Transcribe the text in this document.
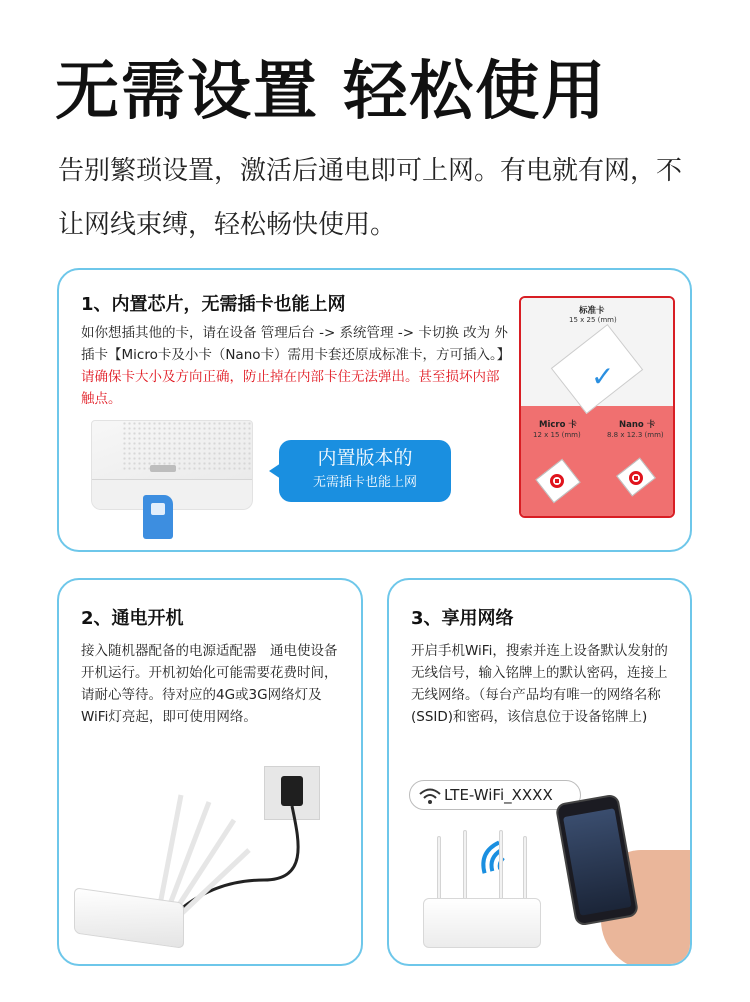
无需设置 轻松使用
告别繁琐设置，激活后通电即可上网。有电就有网，不让网线束缚，轻松畅快使用。
1、内置芯片，无需插卡也能上网
如你想插其他的卡，请在设备 管理后台 -> 系统管理 -> 卡切换 改为 外插卡【Micro卡及小卡（Nano卡）需用卡套还原成标准卡，方可插入。】请确保卡大小及方向正确，防止掉在内部卡住无法弹出。甚至损坏内部触点。
内置版本的
无需插卡也能上网
标准卡
15 x 25 (mm)
✓
Micro 卡
12 x 15 (mm)
Nano 卡
8.8 x 12.3 (mm)
2、通电开机
接入随机器配备的电源适配器　通电使设备开机运行。开机初始化可能需要花费时间，请耐心等待。待对应的4G或3G网络灯及WiFi灯亮起，即可使用网络。
3、享用网络
开启手机WiFi，搜索并连上设备默认发射的无线信号，输入铭牌上的默认密码，连接上无线网络。（每台产品均有唯一的网络名称(SSID)和密码，该信息位于设备铭牌上)
LTE-WiFi_XXXX
